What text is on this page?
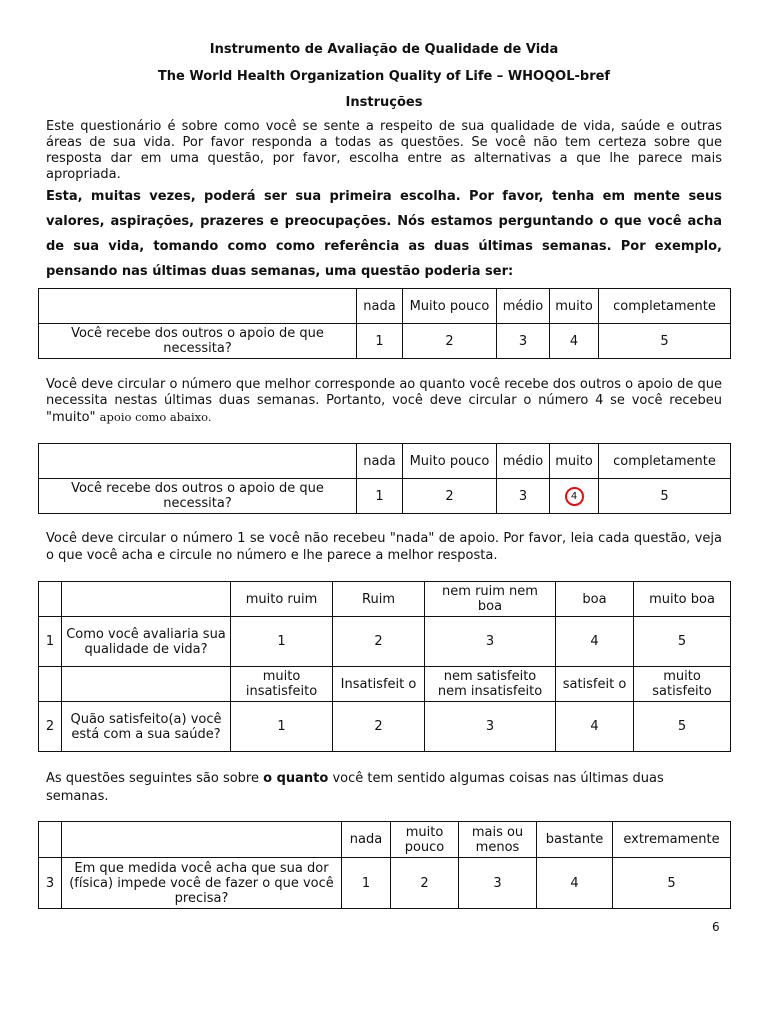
Instrumento de Avaliação de Qualidade de Vida
The World Health Organization Quality of Life – WHOQOL-bref
Instruções
Este questionário é sobre como você se sente a respeito de sua qualidade de vida, saúde e outras áreas de sua vida. Por favor responda a todas as questões. Se você não tem certeza sobre que resposta dar em uma questão, por favor, escolha entre as alternativas a que lhe parece mais apropriada.
Esta, muitas vezes, poderá ser sua primeira escolha. Por favor, tenha em mente seus valores, aspirações, prazeres e preocupações. Nós estamos perguntando o que você acha de sua vida, tomando como como referência as duas últimas semanas. Por exemplo, pensando nas últimas duas semanas, uma questão poderia ser:
	nada	Muito pouco	médio	muito	completamente
Você recebe dos outros o apoio de que necessita?	1	2	3	4	5
Você deve circular o número que melhor corresponde ao quanto você recebe dos outros o apoio de que necessita nestas últimas duas semanas. Portanto, você deve circular o número 4 se você recebeu "muito" apoio como abaixo.
	nada	Muito pouco	médio	muito	completamente
Você recebe dos outros o apoio de que necessita?	1	2	3	4	5
Você deve circular o número 1 se você não recebeu "nada" de apoio. Por favor, leia cada questão, veja o que você acha e circule no número e lhe parece a melhor resposta.
		muito ruim	Ruim	nem ruim nem boa	boa	muito boa
1	Como você avaliaria sua qualidade de vida?	1	2	3	4	5
		muito insatisfeito	Insatisfeit o	nem satisfeito nem insatisfeito	satisfeit o	muito satisfeito
2	Quão satisfeito(a) você está com a sua saúde?	1	2	3	4	5
As questões seguintes são sobre o quanto você tem sentido algumas coisas nas últimas duas semanas.
		nada	muito pouco	mais ou menos	bastante	extremamente
3	Em que medida você acha que sua dor (física) impede você de fazer o que você precisa?	1	2	3	4	5
6
